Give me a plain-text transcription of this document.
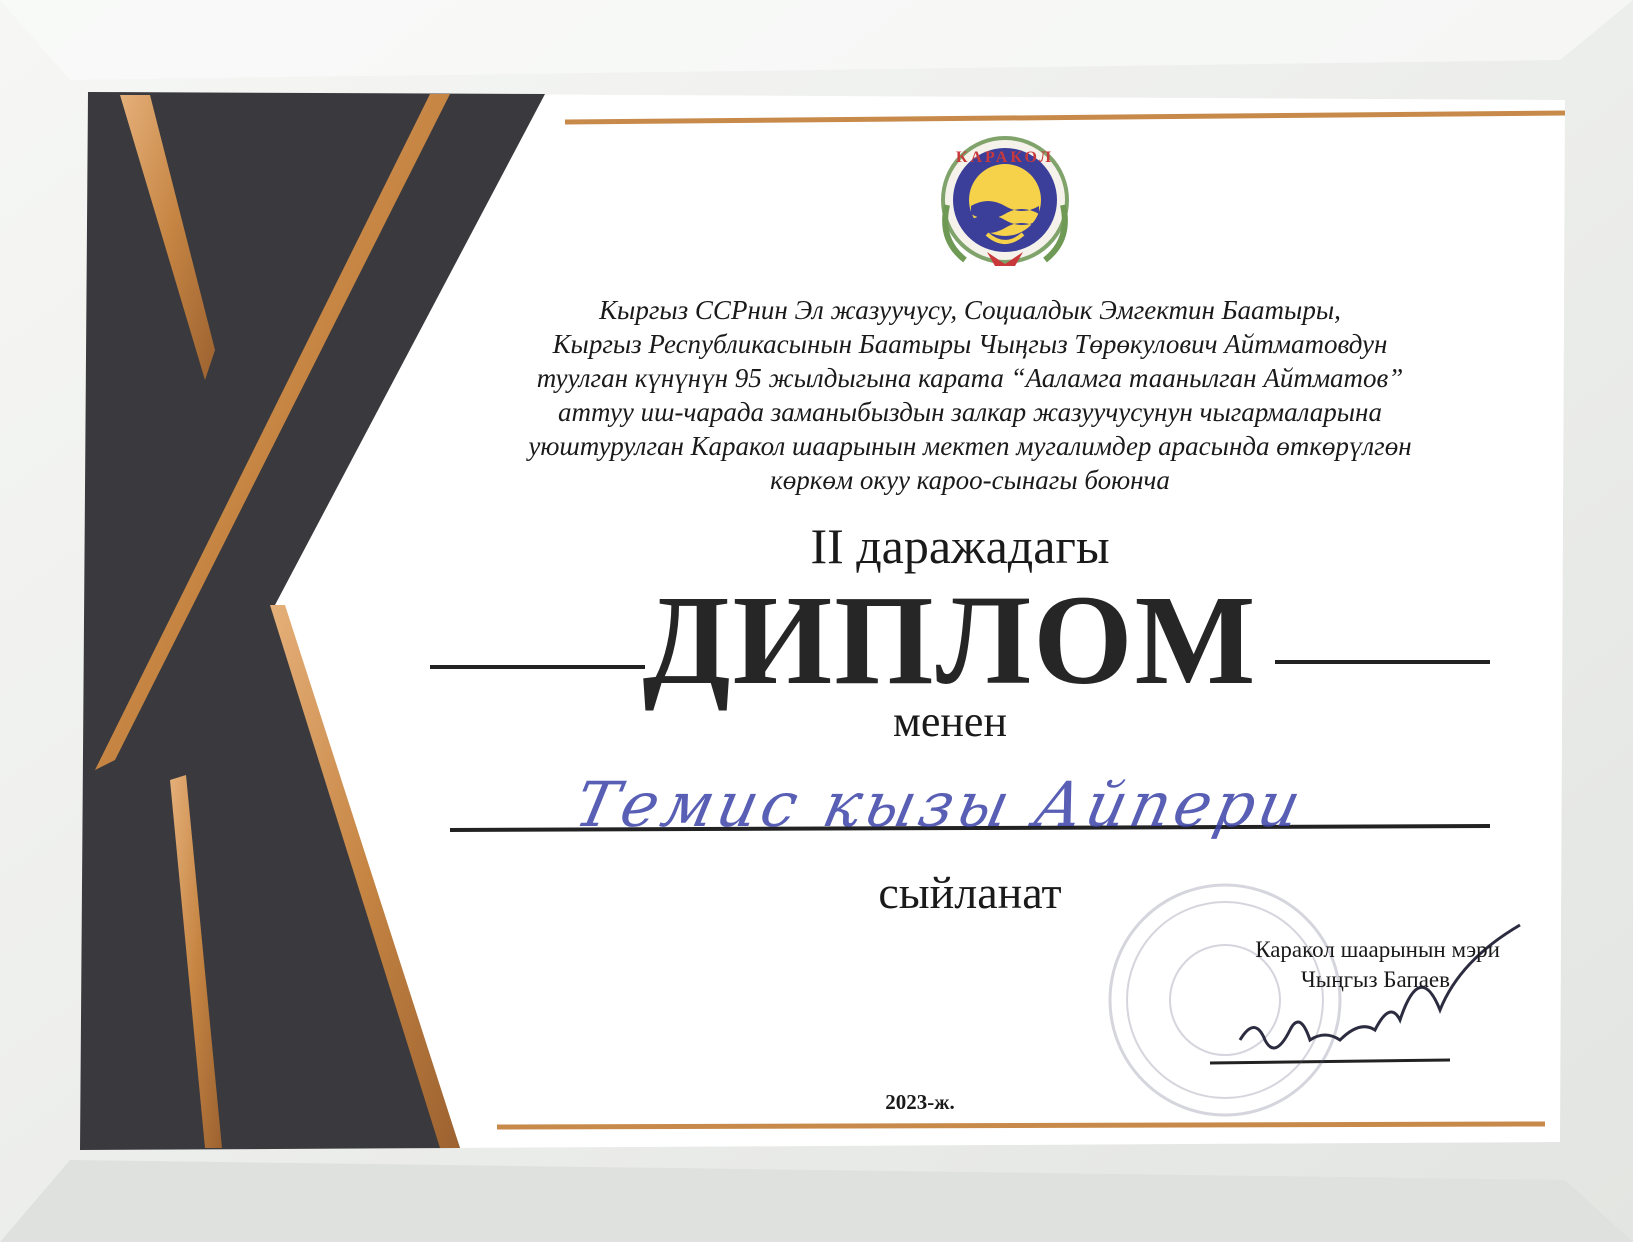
КАРАКОЛ
Кыргыз ССРнин Эл жазуучусу, Социалдык Эмгектин Баатыры,
Кыргыз Республикасынын Баатыры Чыңгыз Төрөкулович Айтматовдун
туулган күнүнүн 95 жылдыгына карата “Ааламга таанылган Айтматов”
аттуу иш-чарада заманыбыздын залкар жазуучусунун чыгармаларына
уюштурулган Каракол шаарынын мектеп мугалимдер арасында өткөрүлгөн
көркөм окуу кароо-сынагы боюнча
II даражадагы
ДИПЛОМ
менен
Темис кызы Айпери
сыйланат
Каракол шаарынын мэри
Чыңгыз Бапаев
2023-ж.
